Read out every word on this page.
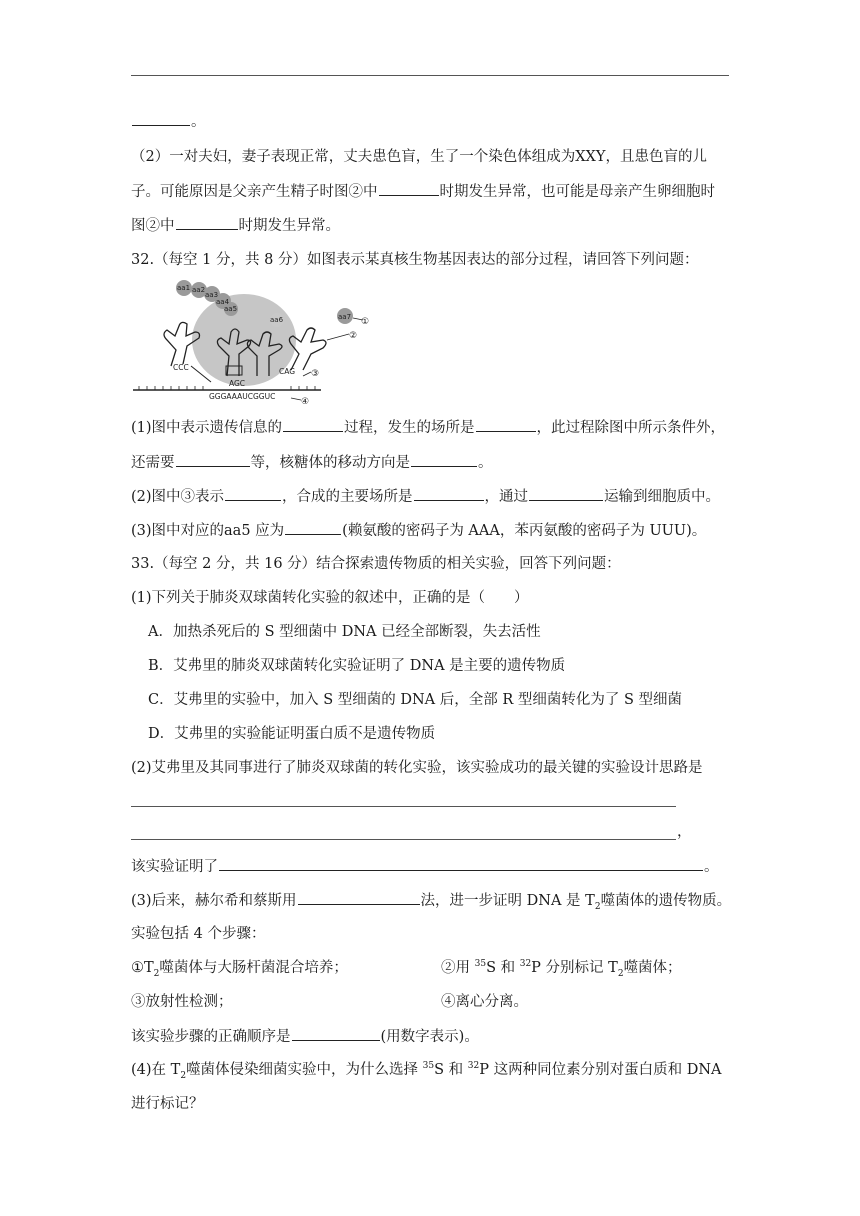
。
（2）一对夫妇，妻子表现正常，丈夫患色盲，生了一个染色体组成为XXY，且患色盲的儿
子。可能原因是父亲产生精子时图②中	时期发生异常，也可能是母亲产生卵细胞时
图②中	时期发生异常。
32.（每空 1 分，共 8 分）如图表示某真核生物基因表达的部分过程，请回答下列问题：
aa1 aa2
aa3
aa4
aa5
aa6	aa7
AGC
GGGAAAUCGGUC
CCC	CAG
①
②
③
④
(1)图中表示遗传信息的	过程，发生的场所是	，此过程除图中所示条件外，
还需要	等，核糖体的移动方向是	。
(2)图中③表示	，合成的主要场所是	，通过	运输到细胞质中。
(3)图中对应的aa5 应为	(赖氨酸的密码子为 AAA，苯丙氨酸的密码子为 UUU)。
33.（每空 2 分，共 16 分）结合探索遗传物质的相关实验，回答下列问题：
(1)下列关于肺炎双球菌转化实验的叙述中，正确的是（　　）
A．加热杀死后的 S 型细菌中 DNA 已经全部断裂，失去活性
B．艾弗里的肺炎双球菌转化实验证明了 DNA 是主要的遗传物质
C．艾弗里的实验中，加入 S 型细菌的 DNA 后，全部 R 型细菌转化为了 S 型细菌
D．艾弗里的实验能证明蛋白质不是遗传物质
(2)艾弗里及其同事进行了肺炎双球菌的转化实验，该实验成功的最关键的实验设计思路是
，
该实验证明了	。
(3)后来，赫尔希和蔡斯用	法，进一步证明 DNA 是 $T_2$噬菌体的遗传物质。
实验包括 4 个步骤：
$①T_2$噬菌体与大肠杆菌混合培养；	②用 $^{35}$S 和 $^{32}$P 分别标记 $T_2$噬菌体；
③放射性检测；	④离心分离。
该实验步骤的正确顺序是	(用数字表示)。
(4)在 $T_2$噬菌体侵染细菌实验中，为什么选择 $^{35}$S 和 $^{32}$P 这两种同位素分别对蛋白质和 DNA
进行标记？
